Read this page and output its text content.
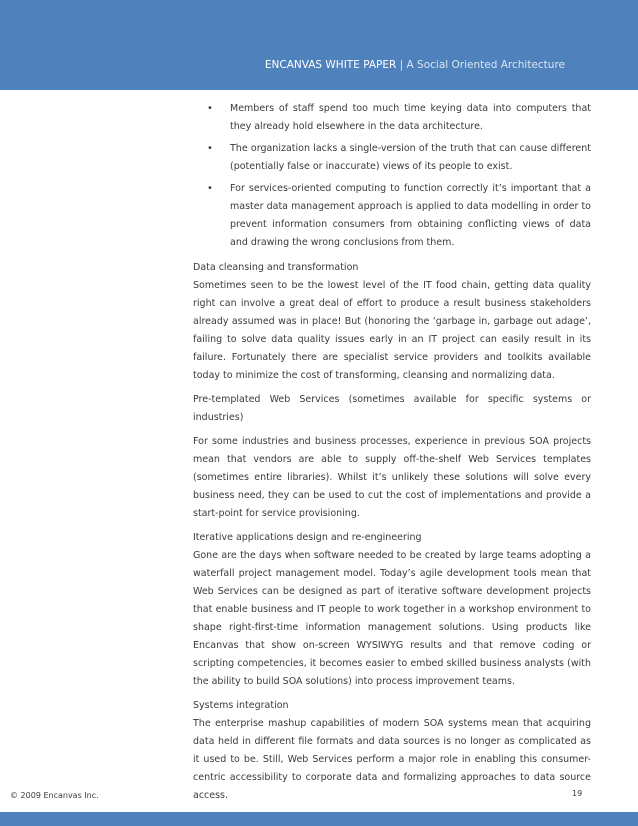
ENCANVAS WHITE PAPER | A Social Oriented Architecture
• Members of staff spend too much time keying data into computers that they already hold elsewhere in the data architecture.
• The organization lacks a single-version of the truth that can cause different (potentially false or inaccurate) views of its people to exist.
• For services-oriented computing to function correctly it’s important that a master data management approach is applied to data modelling in order to prevent information consumers from obtaining conflicting views of data and drawing the wrong conclusions from them.
Data cleansing and transformation

Sometimes seen to be the lowest level of the IT food chain, getting data quality right can involve a great deal of effort to produce a result business stakeholders already assumed was in place! But (honoring the ‘garbage in, garbage out adage’, failing to solve data quality issues early in an IT project can easily result in its failure. Fortunately there are specialist service providers and toolkits available today to minimize the cost of transforming, cleansing and normalizing data.

Pre-templated Web Services (sometimes available for specific systems or industries)

For some industries and business processes, experience in previous SOA projects mean that vendors are able to supply off-the-shelf Web Services templates (sometimes entire libraries). Whilst it’s unlikely these solutions will solve every business need, they can be used to cut the cost of implementations and provide a start-point for service provisioning.

Iterative applications design and re-engineering

Gone are the days when software needed to be created by large teams adopting a waterfall project management model. Today’s agile development tools mean that Web Services can be designed as part of iterative software development projects that enable business and IT people to work together in a workshop environment to shape right-first-time information management solutions. Using products like Encanvas that show on-screen WYSIWYG results and that remove coding or scripting competencies, it becomes easier to embed skilled business analysts (with the ability to build SOA solutions) into process improvement teams.

Systems integration

The enterprise mashup capabilities of modern SOA systems mean that acquiring data held in different file formats and data sources is no longer as complicated as it used to be. Still, Web Services perform a major role in enabling this consumer-centric accessibility to corporate data and formalizing approaches to data source access.

© 2009 Encanvas Inc.	19
